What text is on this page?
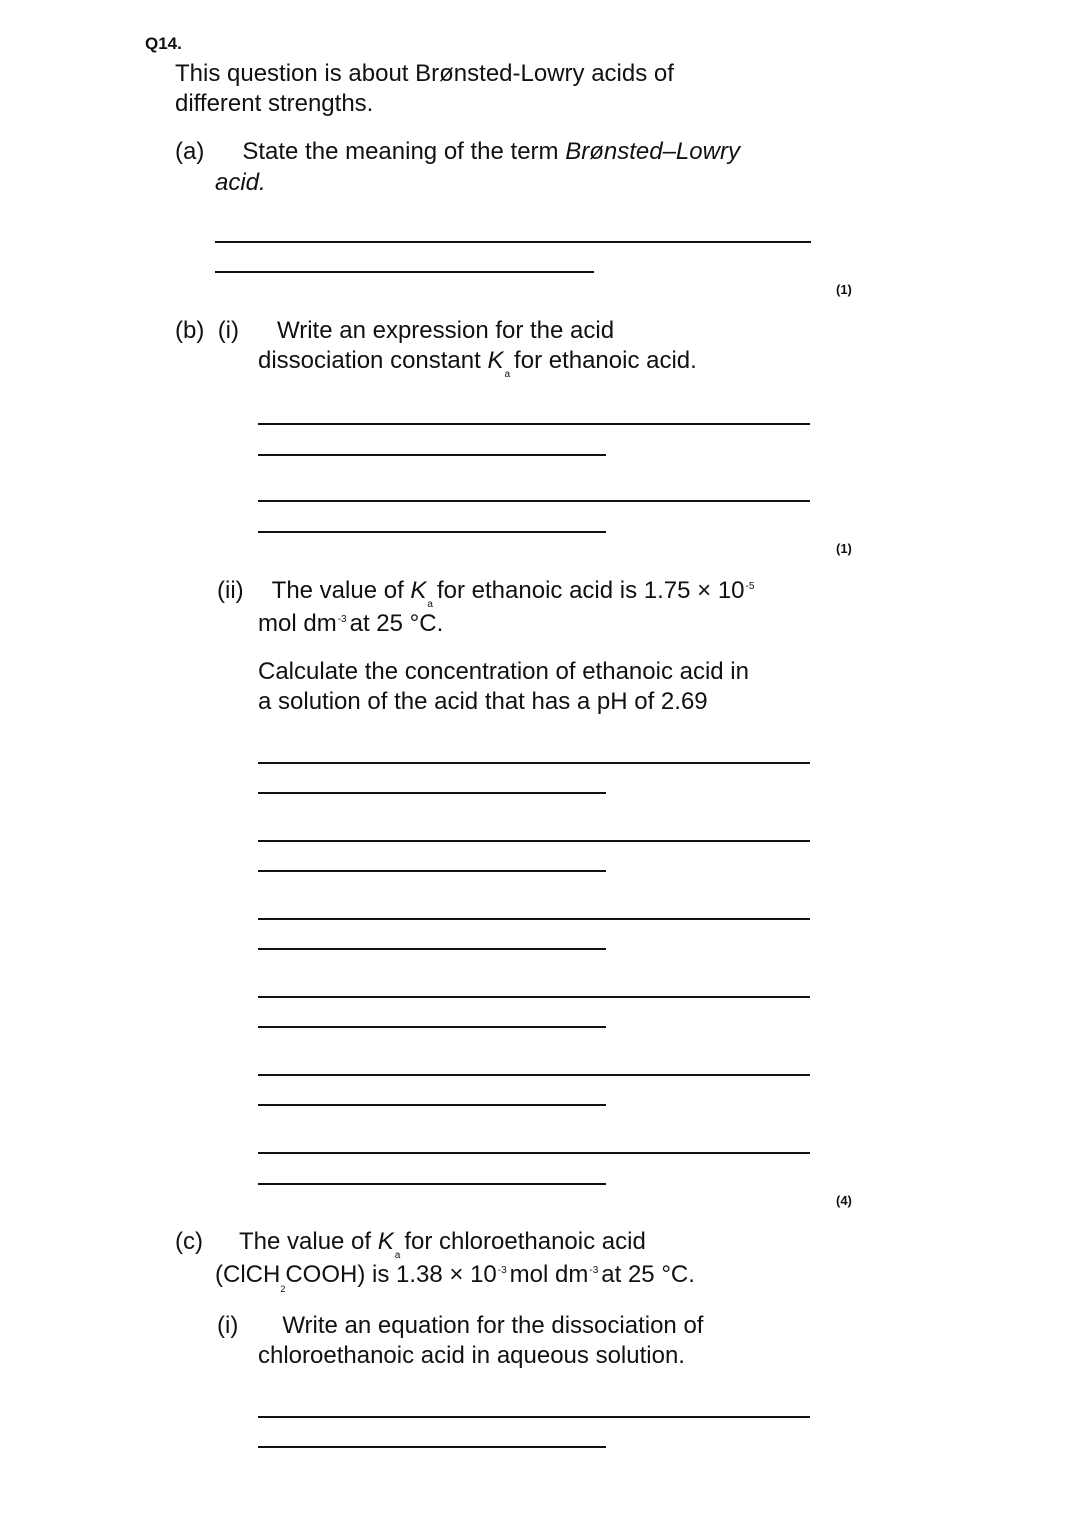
Q14.
This question is about Brønsted-Lowry acids of
different strengths.
(a) State the meaning of the term Brønsted–Lowry
acid.
(1)
(b) (i) Write an expression for the acid
dissociation constant $K_afor$ ethanoic acid.
(1)
(ii) The value of $K_afor$ ethanoic acid is $1.75 \times 10^{-5}$
mol $dm^{-3}$ at 25 °C.
Calculate the concentration of ethanoic acid in
a solution of the acid that has a pH of 2.69
(4)
(c) The value of $K_afor$ chloroethanoic acid
(ClCH$_2$COOH) is $1.38 \times 10^{-3}$ mol $dm^{-3}$ at 25 °C.
(i) Write an equation for the dissociation of
chloroethanoic acid in aqueous solution.
